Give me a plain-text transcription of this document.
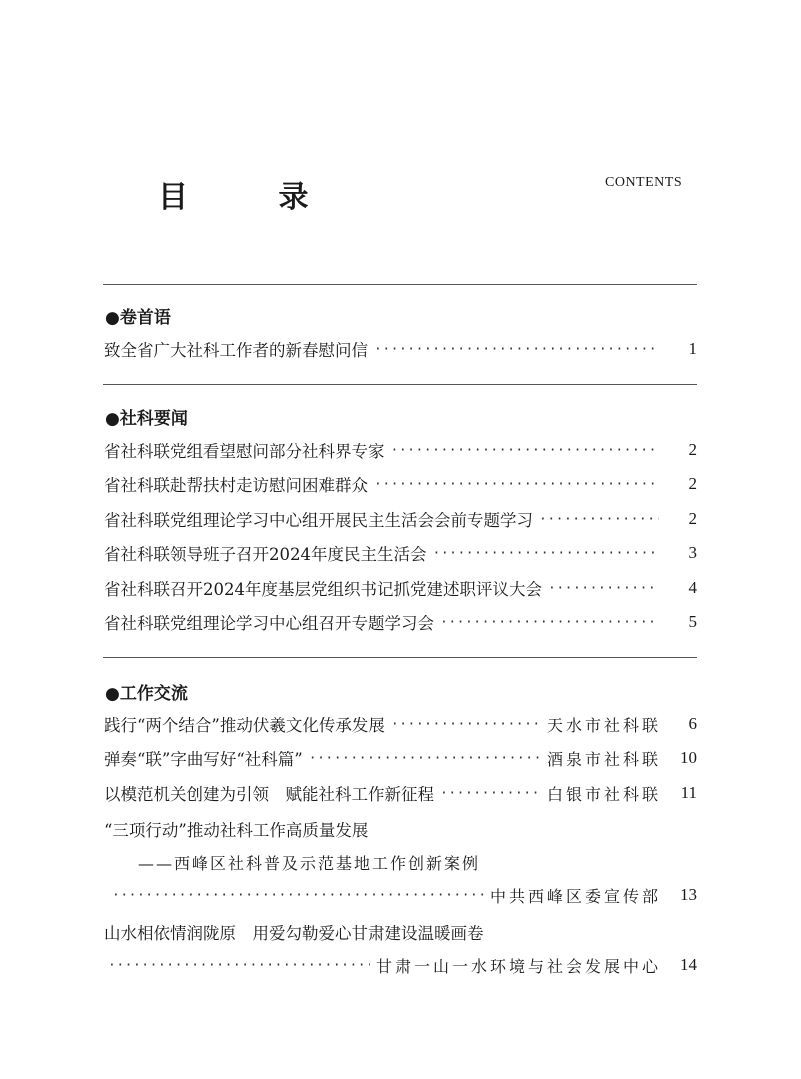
目 录	CONTENTS
●卷首语
致全省广大社科工作者的新春慰问信 ·····	1
●社科要闻
省社科联党组看望慰问部分社科界专家 ·····	2
省社科联赴帮扶村走访慰问困难群众 ·····	2
省社科联党组理论学习中心组开展民主生活会会前专题学习 ·····	2
省社科联领导班子召开2024年度民主生活会 ·····	3
省社科联召开2024年度基层党组织书记抓党建述职评议大会 ·····	4
省社科联党组理论学习中心组召开专题学习会 ·····	5
●工作交流
践行“两个结合”推动伏羲文化传承发展 ·····	天水市社科联	6
弹奏“联”字曲写好“社科篇” ·····	酒泉市社科联	10
以模范机关创建为引领　赋能社科工作新征程 ·····	白银市社科联	11
“三项行动”推动社科工作高质量发展
——西峰区社科普及示范基地工作创新案例
·····
中共西峰区委宣传部	13
山水相依情润陇原　用爱勾勒爱心甘肃建设温暖画卷
·····
甘肃一山一水环境与社会发展中心	14
